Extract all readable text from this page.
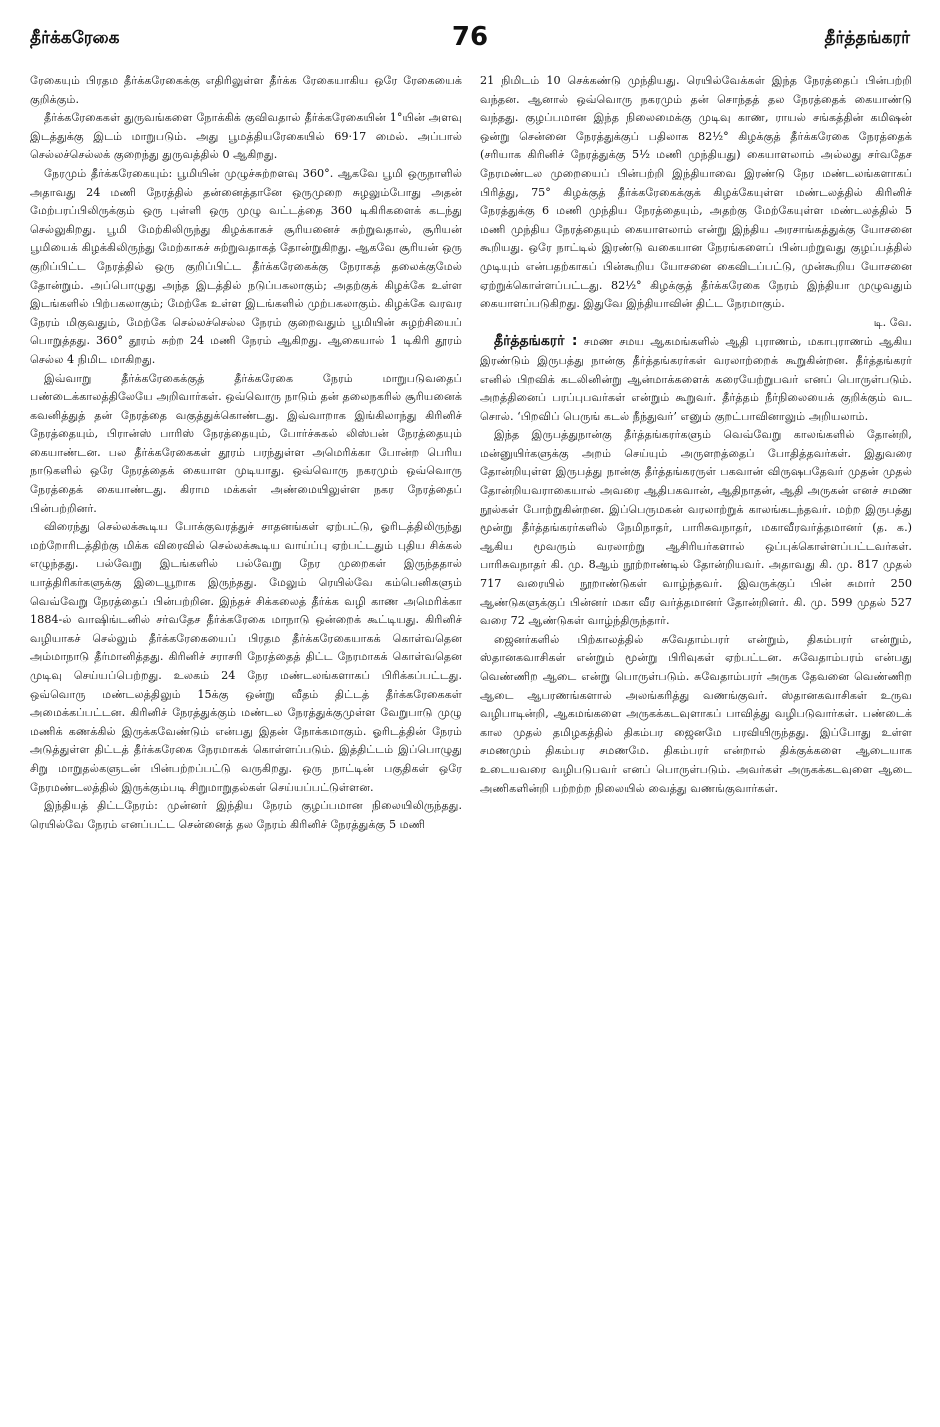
தீர்க்கரேகை	76	தீர்த்தங்கரர்

ரேகையும் பிரதம தீர்க்கரேகைக்கு எதிரிலுள்ள தீர்க்க ரேகையாகிய ஒரே ரேகையைக் குறிக்கும்.

தீர்க்கரேகைகள் துருவங்களை நோக்கிக் குவிவதால் தீர்க்கரேகையின் 1°யின் அளவு இடத்துக்கு இடம் மாறுபடும். அது பூமத்தியரேகையில் 69·17 மைல். அப்பால் செல்லச்செல்லக் குறைந்து துருவத்தில் 0 ஆகிறது.

நேரமும் தீர்க்கரேகையும்: பூமியின் முழுச்சுற்றளவு 360°. ஆகவே பூமி ஒருநாளில் அதாவது 24 மணி நேரத்தில் தன்னைத்தானே ஒருமுறை சுழலும்போது அதன் மேற்பரப்பிலிருக்கும் ஒரு புள்ளி ஒரு முழு வட்டத்தை 360 டிகிரிகளைக் கடந்து செல்லுகிறது. பூமி மேற்கிலிருந்து கிழக்காகச் சூரியனைச் சுற்றுவதால், சூரியன் பூமியைக் கிழக்கிலிருந்து மேற்காகச் சுற்றுவதாகத் தோன்றுகிறது. ஆகவே சூரியன் ஒரு குறிப்பிட்ட நேரத்தில் ஒரு குறிப்பிட்ட தீர்க்கரேகைக்கு நேராகத் தலைக்குமேல் தோன்றும். அப்பொழுது அந்த இடத்தில் நடுப்பகலாகும்; அதற்குக் கிழக்கே உள்ள இடங்களில் பிற்பகலாகும்; மேற்கே உள்ள இடங்களில் முற்பகலாகும். கிழக்கே வரவர நேரம் மிகுவதும், மேற்கே செல்லச்செல்ல நேரம் குறைவதும் பூமியின் சுழற்சியைப் பொறுத்தது. 360° தூரம் சுற்ற 24 மணி நேரம் ஆகிறது. ஆகையால் 1 டிகிரி தூரம் செல்ல 4 நிமிட மாகிறது.

இவ்வாறு தீர்க்கரேகைக்குத் தீர்க்கரேகை நேரம் மாறுபடுவதைப் பண்டைக்காலத்திலேயே அறிவார்கள். ஒவ்வொரு நாடும் தன் தலைநகரில் சூரியனைக் கவனித்துத் தன் நேரத்தை வகுத்துக்கொண்டது. இவ்வாறாக இங்கிலாந்து கிரினிச் நேரத்தையும், பிரான்ஸ் பாரிஸ் நேரத்தையும், போர்ச்சுகல் லிஸ்பன் நேரத்தையும் கையாண்டன. பல தீர்க்கரேகைகள் தூரம் பரந்துள்ள அமெரிக்கா போன்ற பெரிய நாடுகளில் ஒரே நேரத்தைக் கையாள முடியாது. ஒவ்வொரு நகரமும் ஒவ்வொரு நேரத்தைக் கையாண்டது. கிராம மக்கள் அண்மையிலுள்ள நகர நேரத்தைப் பின்பற்றினர்.

விரைந்து செல்லக்கூடிய போக்குவரத்துச் சாதனங்கள் ஏற்பட்டு, ஓரிடத்திலிருந்து மற்றோரிடத்திற்கு மிக்க விரைவில் செல்லக்கூடிய வாய்ப்பு ஏற்பட்டதும் புதிய சிக்கல் எழுந்தது. பல்வேறு இடங்களில் பல்வேறு நேர முறைகள் இருந்ததால் யாத்திரிகர்களுக்கு இடையூறாக இருந்தது. மேலும் ரெயில்வே கம்பெனிகளும் வெவ்வேறு நேரத்தைப் பின்பற்றின. இந்தச் சிக்கலைத் தீர்க்க வழி காண அமெரிக்கா 1884-ல் வாஷிங்டனில் சர்வதேச தீர்க்கரேகை மாநாடு ஒன்றைக் கூட்டியது. கிரினிச் வழியாகச் செல்லும் தீர்க்கரேகையைப் பிரதம தீர்க்கரேகையாகக் கொள்வதென அம்மாநாடு தீர்மானித்தது. கிரினிச் சராசரி நேரத்தைத் திட்ட நேரமாகக் கொள்வதென முடிவு செய்யப்பெற்றது. உலகம் 24 நேர மண்டலங்களாகப் பிரிக்கப்பட்டது. ஒவ்வொரு மண்டலத்திலும் 15க்கு ஒன்று வீதம் திட்டத் தீர்க்கரேகைகள் அமைக்கப்பட்டன. கிரினிச் நேரத்துக்கும் மண்டல நேரத்துக்குமுள்ள வேறுபாடு முழு மணிக் கணக்கில் இருக்கவேண்டும் என்பது இதன் நோக்கமாகும். ஓரிடத்தின் நேரம் அடுத்துள்ள திட்டத் தீர்க்கரேகை நேரமாகக் கொள்ளப்படும். இத்திட்டம் இப்பொழுது சிறு மாறுதல்களுடன் பின்பற்றப்பட்டு வருகிறது. ஒரு நாட்டின் பகுதிகள் ஒரே நேரமண்டலத்தில் இருக்கும்படி சிறுமாறுதல்கள் செய்யப்பட்டுள்ளன.

இந்தியத் திட்டநேரம்: முன்னர் இந்திய நேரம் குழப்பமான நிலையிலிருந்தது. ரெயில்வே நேரம் எனப்பட்ட சென்னைத் தல நேரம் கிரினிச் நேரத்துக்கு 5 மணி

21 நிமிடம் 10 செக்கண்டு முந்தியது. ரெயில்வேக்கள் இந்த நேரத்தைப் பின்பற்றி வந்தன. ஆனால் ஒவ்வொரு நகரமும் தன் சொந்தத் தல நேரத்தைக் கையாண்டு வந்தது. குழப்பமான இந்த நிலைமைக்கு முடிவு காண, ராயல் சங்கத்தின் கமிஷன் ஒன்று சென்னை நேரத்துக்குப் பதிலாக 82½° கிழக்குத் தீர்க்கரேகை நேரத்தைக் (சரியாக கிரினிச் நேரத்துக்கு 5½ மணி முந்தியது) கையாளலாம் அல்லது சர்வதேச நேரமண்டல முறையைப் பின்பற்றி இந்தியாவை இரண்டு நேர மண்டலங்களாகப் பிரித்து, 75° கிழக்குத் தீர்க்கரேகைக்குக் கிழக்கேயுள்ள மண்டலத்தில் கிரினிச் நேரத்துக்கு 6 மணி முந்திய நேரத்தையும், அதற்கு மேற்கேயுள்ள மண்டலத்தில் 5 மணி முந்திய நேரத்தையும் கையாளலாம் என்று இந்திய அரசாங்கத்துக்கு யோசனை கூறியது. ஒரே நாட்டில் இரண்டு வகையான நேரங்களைப் பின்பற்றுவது குழப்பத்தில் முடியும் என்பதற்காகப் பின்கூறிய யோசனை கைவிடப்பட்டு, முன்கூறிய யோசனை ஏற்றுக்கொள்ளப்பட்டது. 82½° கிழக்குத் தீர்க்கரேகை நேரம் இந்தியா முழுவதும் கையாளப்படுகிறது. இதுவே இந்தியாவின் திட்ட நேரமாகும்.

டி. வே.

தீர்த்தங்கரர் : சமண சமய ஆகமங்களில் ஆதி புராணம், மகாபுராணம் ஆகிய இரண்டும் இருபத்து நான்கு தீர்த்தங்கரர்கள் வரலாற்றைக் கூறுகின்றன. தீர்த்தங்கரர் எனில் பிறவிக் கடலினின்று ஆன்மாக்களைக் கரையேற்றுபவர் எனப் பொருள்படும். அறத்தினைப் பரப்புபவர்கள் என்றும் கூறுவர். தீர்த்தம் நீர்நிலையைக் குறிக்கும் வட சொல். ‘பிறவிப் பெருங் கடல் நீந்துவர்’ எனும் குறட்பாவினாலும் அறியலாம்.

இந்த இருபத்துநான்கு தீர்த்தங்கரர்களும் வெவ்வேறு காலங்களில் தோன்றி, மன்னுயிர்களுக்கு அறம் செய்யும் அருளறத்தைப் போதித்தவர்கள். இதுவரை தோன்றியுள்ள இருபத்து நான்கு தீர்த்தங்கரருள் பகவான் விருஷபதேவர் முதன் முதல் தோன்றியவராகையால் அவரை ஆதிபகவான், ஆதிநாதன், ஆதி அருகன் எனச் சமண நூல்கள் போற்றுகின்றன. இப்பெருமகன் வரலாற்றுக் காலங்கடந்தவர். மற்ற இருபத்து மூன்று தீர்த்தங்கரர்களில் நேமிநாதர், பாரிசுவநாதர், மகாவீரவர்த்தமானர் (த. க.) ஆகிய மூவரும் வரலாற்று ஆசிரியர்களால் ஒப்புக்கொள்ளப்பட்டவர்கள். பாரிசுவநாதர் கி. மு. 8ஆம் நூற்றாண்டில் தோன்றியவர். அதாவது கி. மு. 817 முதல் 717 வரையில் நூறாண்டுகள் வாழ்ந்தவர். இவருக்குப் பின் சுமார் 250 ஆண்டுகளுக்குப் பின்னர் மகா வீர வர்த்தமானர் தோன்றினர். கி. மு. 599 முதல் 527 வரை 72 ஆண்டுகள் வாழ்ந்திருந்தார்.

ஜைனர்களில் பிற்காலத்தில் சுவேதாம்பரர் என்றும், திகம்பரர் என்றும், ஸ்தானகவாசிகள் என்றும் மூன்று பிரிவுகள் ஏற்பட்டன. சுவேதாம்பரம் என்பது வெண்ணிற ஆடை என்று பொருள்படும். சுவேதாம்பரர் அருக தேவனை வெண்ணிற ஆடை ஆபரணங்களால் அலங்கரித்து வணங்குவர். ஸ்தானகவாசிகள் உருவ வழிபாடின்றி, ஆகமங்களை அருகக்கடவுளாகப் பாவித்து வழிபடுவார்கள். பண்டைக் கால முதல் தமிழகத்தில் திகம்பர ஜைனமே பரவியிருந்தது. இப்போது உள்ள சமணமும் திகம்பர சமணமே. திகம்பரர் என்றால் திக்குக்களை ஆடையாக உடையவரை வழிபடுபவர் எனப் பொருள்படும். அவர்கள் அருகக்கடவுளை ஆடை அணிகளின்றி பற்றற்ற நிலையில் வைத்து வணங்குவார்கள்.
